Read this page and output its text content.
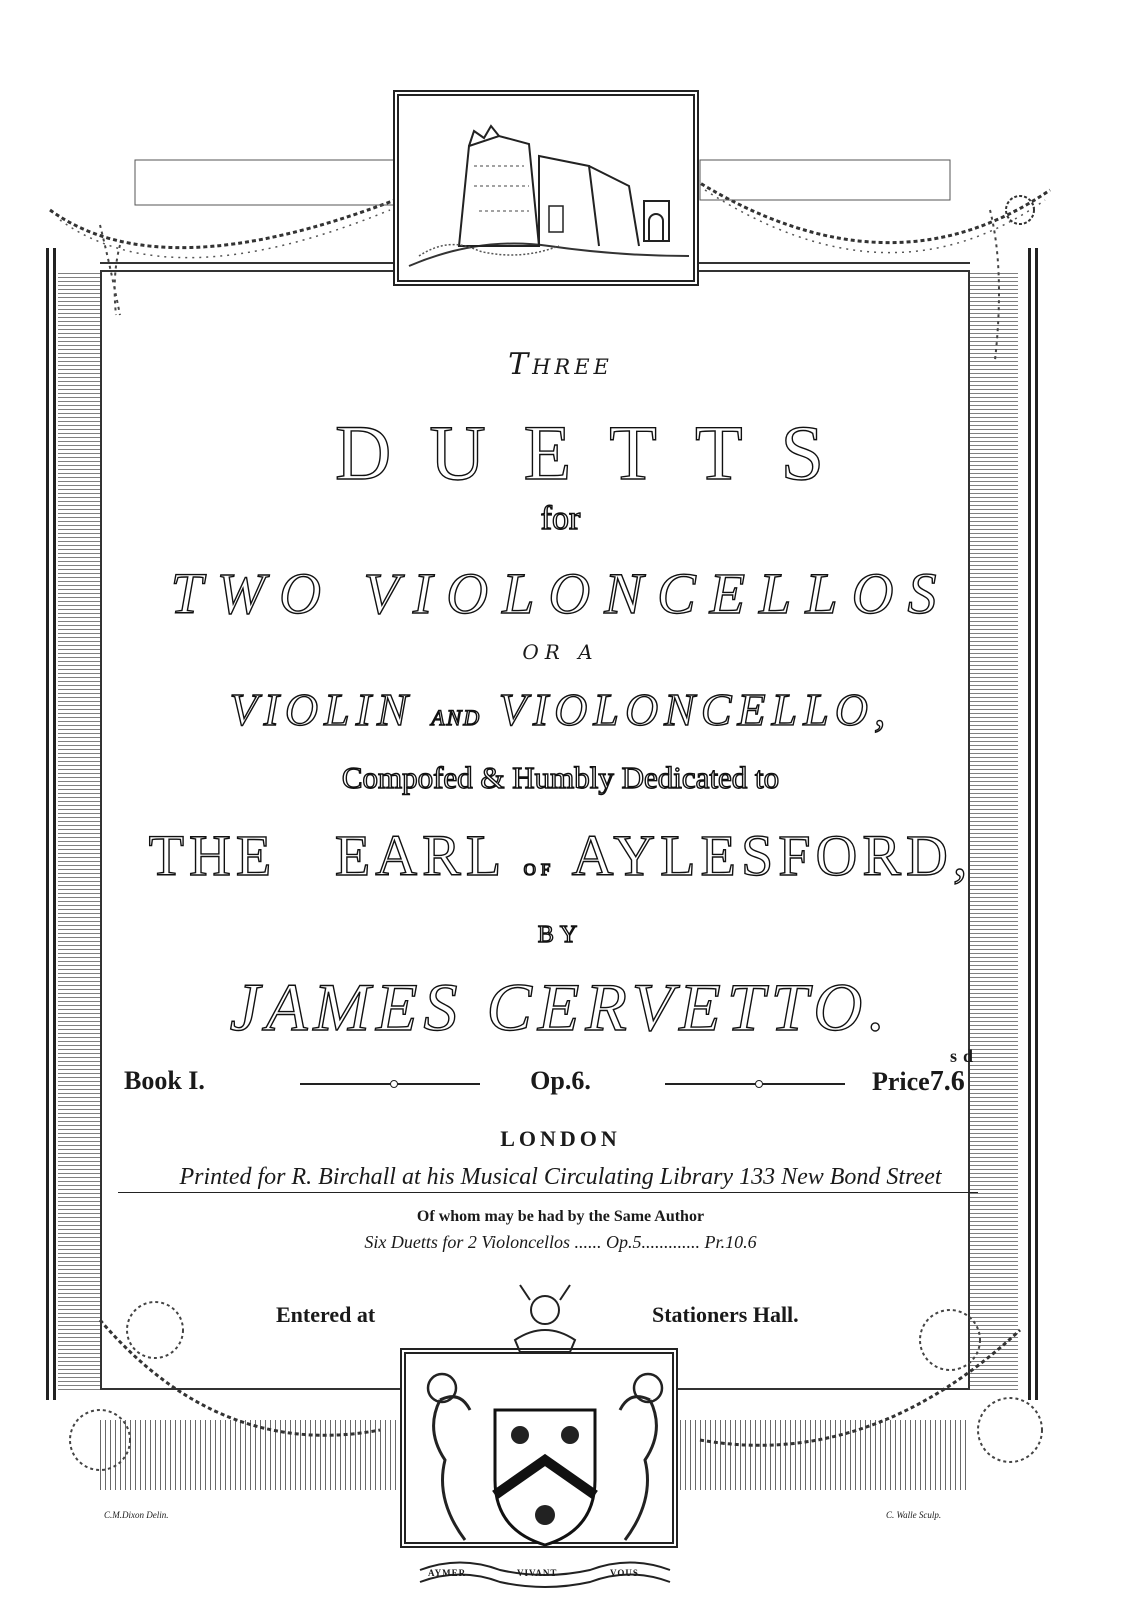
Three
DUETTS
for
TWO VIOLONCELLOS
OR A
VIOLIN AND VIOLONCELLO,
Compofed & Humbly Dedicated to
THE EARL of AYLESFORD,
BY
JAMES CERVETTO.
Book I.	Op.6.
sd
Price7.6
LONDON
Printed for R. Birchall at his Musical Circulating Library 133 New Bond Street
Of whom may be had by the Same Author
Six Duetts for 2 Violoncellos ...... Op.5............. Pr.10.6
Entered at	Stationers Hall.
AYMER	VIVANT	VOUS
C.M.Dixon Delin.	C. Walle Sculp.
